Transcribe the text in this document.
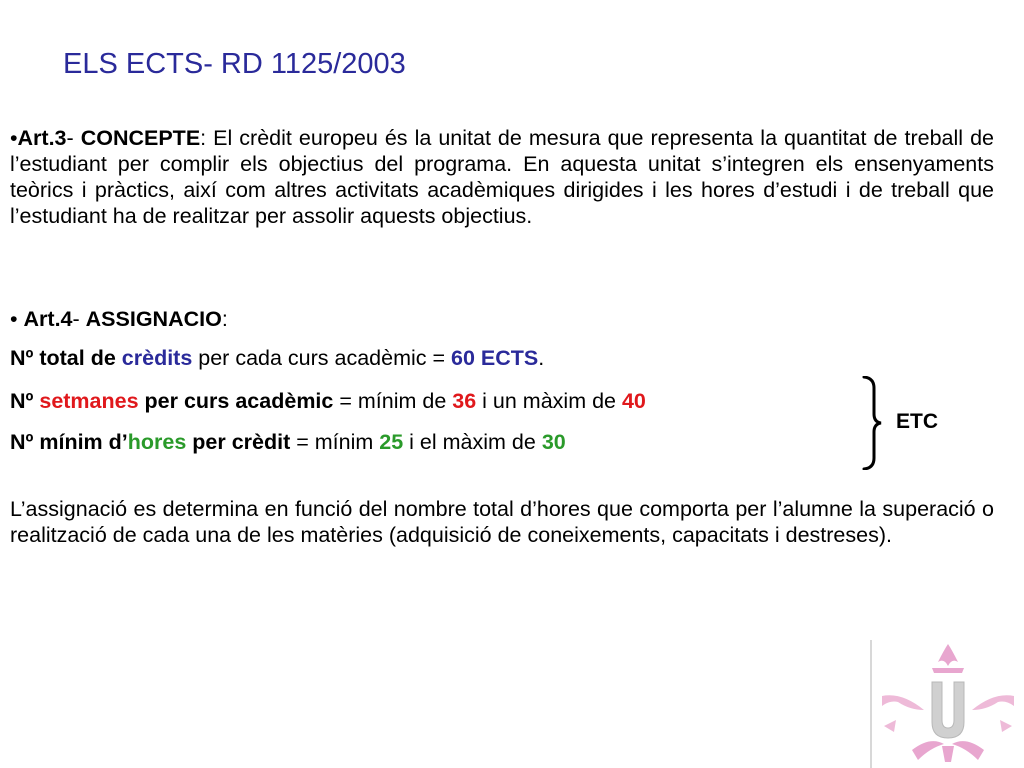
ELS ECTS- RD 1125/2003

•Art.3- CONCEPTE: El crèdit europeu és la unitat de mesura que representa la quantitat de treball de l’estudiant per complir els objectius del programa. En aquesta unitat s’integren els ensenyaments teòrics i pràctics, així com altres activitats acadèmiques dirigides i les hores d’estudi i de treball que l’estudiant ha de realitzar per assolir aquests objectius.

• Art.4- ASSIGNACIO:

Nº total de crèdits per cada curs acadèmic = 60 ECTS.

Nº setmanes per curs acadèmic = mínim de 36 i un màxim de 40

Nº mínim d’hores per crèdit = mínim 25 i el màxim de 30

ETC

L’assignació es determina en funció del nombre total d’hores que comporta per l’alumne la superació o realització de cada una de les matèries (adquisició de coneixements, capacitats i destreses).
